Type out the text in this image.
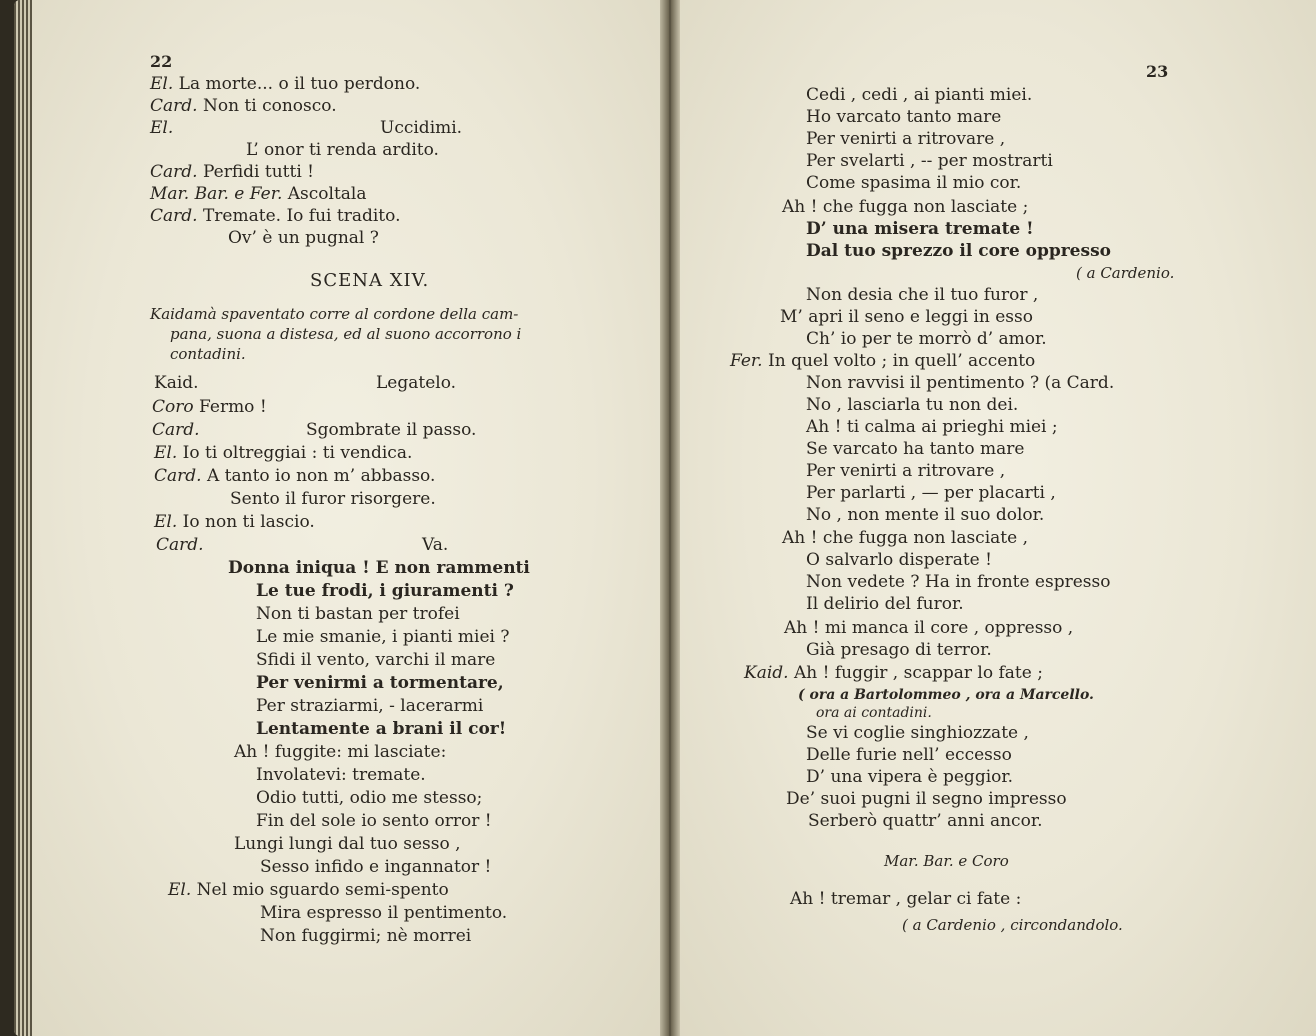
22
El. La morte... o il tuo perdono.
Card. Non ti conosco.
El.	Uccidimi.
L’ onor ti renda ardito.
Card. Perfidi tutti !
Mar. Bar. e Fer. Ascoltala
Card. Tremate. Io fui tradito.
Ov’ è un pugnal ?
SCENA XIV.
Kaidamà spaventato corre al cordone della cam-
pana, suona a distesa, ed al suono accorrono i
contadini.
Kaid.	Legatelo.
Coro Fermo !
Card.	Sgombrate il passo.
El. Io ti oltreggiai : ti vendica.
Card. A tanto io non m’ abbasso.
Sento il furor risorgere.
El. Io non ti lascio.
Card.	Va.
Donna iniqua ! E non rammenti
Le tue frodi, i giuramenti ?
Non ti bastan per trofei
Le mie smanie, i pianti miei ?
Sfidi il vento, varchi il mare
Per venirmi a tormentare,
Per straziarmi, - lacerarmi
Lentamente a brani il cor!
Ah ! fuggite: mi lasciate:
Involatevi: tremate.
Odio tutti, odio me stesso;
Fin del sole io sento orror !
Lungi lungi dal tuo sesso ,
Sesso infido e ingannator !
El. Nel mio sguardo semi-spento
Mira espresso il pentimento.
Non fuggirmi; nè morrei
23
Cedi , cedi , ai pianti miei.
Ho varcato tanto mare
Per venirti a ritrovare ,
Per svelarti , -- per mostrarti
Come spasima il mio cor.
Ah ! che fugga non lasciate ;
D’ una misera tremate !
Dal tuo sprezzo il core oppresso
( a Cardenio.
Non desia che il tuo furor ,
M’ apri il seno e leggi in esso
Ch’ io per te morrò d’ amor.
Fer. In quel volto ; in quell’ accento
Non ravvisi il pentimento ? (a Card.
No , lasciarla tu non dei.
Ah ! ti calma ai prieghi miei ;
Se varcato ha tanto mare
Per venirti a ritrovare ,
Per parlarti , — per placarti ,
No , non mente il suo dolor.
Ah ! che fugga non lasciate ,
O salvarlo disperate !
Non vedete ? Ha in fronte espresso
Il delirio del furor.
Ah ! mi manca il core , oppresso ,
Già presago di terror.
Kaid. Ah ! fuggir , scappar lo fate ;
( ora a Bartolommeo , ora a Marcello.
ora ai contadini.
Se vi coglie singhiozzate ,
Delle furie nell’ eccesso
D’ una vipera è peggior.
De’ suoi pugni il segno impresso
Serberò quattr’ anni ancor.
Mar. Bar. e Coro
Ah ! tremar , gelar ci fate :
( a Cardenio , circondandolo.
